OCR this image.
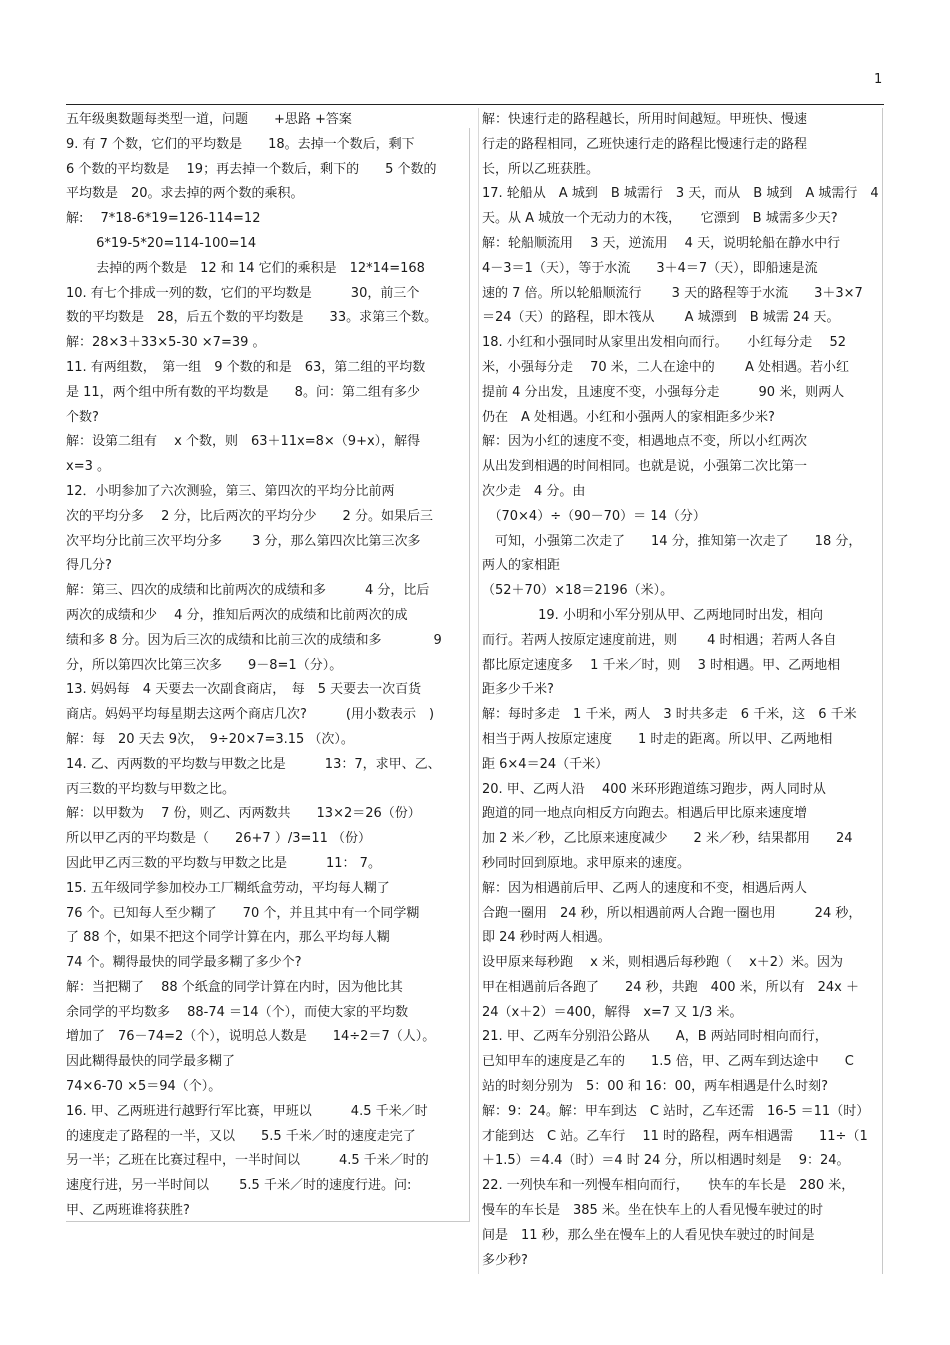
1
五年级奥数题每类型一道，问题　　+思路 +答案
9. 有 7 个数，它们的平均数是　　18。去掉一个数后，剩下
6 个数的平均数是　 19；再去掉一个数后，剩下的　　5 个数的
平均数是　20。求去掉的两个数的乘积。
解:　 7*18-6*19=126-114=12
　　 6*19-5*20=114-100=14
　　 去掉的两个数是　12 和 14 它们的乘积是　12*14=168
10. 有七个排成一列的数，它们的平均数是　　　30，前三个
数的平均数是　28，后五个数的平均数是　　33。求第三个数。
解：28×3＋33×5-30 ×7=39 。
11. 有两组数，　第一组　9 个数的和是　63，第二组的平均数
是 11，两个组中所有数的平均数是　　8。问：第二组有多少
个数?
解：设第二组有　 x 个数，则　63＋11x=8×（9+x），解得
x=3 。
12．小明参加了六次测验，第三、第四次的平均分比前两
次的平均分多　 2 分，比后两次的平均分少　　2 分。如果后三
次平均分比前三次平均分多　　 3 分，那么第四次比第三次多
得几分?
解：第三、四次的成绩和比前两次的成绩和多　　　4 分，比后
两次的成绩和少　 4 分，推知后两次的成绩和比前两次的成
绩和多 8 分。因为后三次的成绩和比前三次的成绩和多　　　　9
分，所以第四次比第三次多　　9－8=1（分）。
13. 妈妈每　4 天要去一次副食商店，　每　5 天要去一次百货
商店。妈妈平均每星期去这两个商店几次?　　　(用小数表示　)
解：每　20 天去 9次，　9÷20×7=3.15 （次）。
14. 乙、丙两数的平均数与甲数之比是　　　13：7，求甲、乙、
丙三数的平均数与甲数之比。
解：以甲数为　 7 份，则乙、丙两数共　　13×2＝26（份）
所以甲乙丙的平均数是（　　26+7 ）/3=11 （份）
因此甲乙丙三数的平均数与甲数之比是　　　11： 7。
15. 五年级同学参加校办工厂糊纸盒劳动，平均每人糊了
76 个。已知每人至少糊了　　70 个，并且其中有一个同学糊
了 88 个，如果不把这个同学计算在内，那么平均每人糊
74 个。糊得最快的同学最多糊了多少个?
解：当把糊了　 88 个纸盒的同学计算在内时，因为他比其
余同学的平均数多　 88-74 ＝14（个），而使大家的平均数
增加了　76－74=2（个），说明总人数是　　14÷2＝7（人）。
因此糊得最快的同学最多糊了
74×6-70 ×5＝94（个）。
16. 甲、乙两班进行越野行军比赛，甲班以　　　4.5 千米／时
的速度走了路程的一半，又以　　5.5 千米／时的速度走完了
另一半；乙班在比赛过程中，一半时间以　　　4.5 千米／时的
速度行进，另一半时间以　　 5.5 千米／时的速度行进。问:
甲、乙两班谁将获胜?
解：快速行走的路程越长，所用时间越短。甲班快、慢速
行走的路程相同，乙班快速行走的路程比慢速行走的路程
长，所以乙班获胜。
17. 轮船从　A 城到　B 城需行　3 天，而从　B 城到　A 城需行　4
天。从 A 城放一个无动力的木筏，　　它漂到　B 城需多少天?
解：轮船顺流用　 3 天，逆流用　 4 天，说明轮船在静水中行
4－3＝1（天），等于水流　　3＋4＝7（天），即船速是流
速的 7 倍。所以轮船顺流行　　 3 天的路程等于水流　　3＋3×7
＝24（天）的路程，即木筏从　　 A 城漂到　B 城需 24 天。
18. 小红和小强同时从家里出发相向而行。　　小红每分走　 52
米，小强每分走　 70 米，二人在途中的　　 A 处相遇。若小红
提前 4 分出发，且速度不变，小强每分走　　　90 米，则两人
仍在　A 处相遇。小红和小强两人的家相距多少米?
解：因为小红的速度不变，相遇地点不变，所以小红两次
从出发到相遇的时间相同。也就是说，小强第二次比第一
次少走　4 分。由
　（70×4）÷（90－70）＝ 14（分）
　可知，小强第二次走了　　14 分，推知第一次走了　　18 分，
两人的家相距
（52＋70）×18＝2196（米）。
　　　　 19. 小明和小军分别从甲、乙两地同时出发，相向
而行。若两人按原定速度前进，则　　 4 时相遇；若两人各自
都比原定速度多　 1 千米／时，则　 3 时相遇。甲、乙两地相
距多少千米?
解：每时多走　1 千米，两人　3 时共多走　6 千米，这　6 千米
相当于两人按原定速度　　1 时走的距离。所以甲、乙两地相
距 6×4＝24（千米）
20. 甲、乙两人沿　 400 米环形跑道练习跑步，两人同时从
跑道的同一地点向相反方向跑去。相遇后甲比原来速度增
加 2 米／秒，乙比原来速度减少　　2 米／秒，结果都用　　24
秒同时回到原地。求甲原来的速度。
解：因为相遇前后甲、乙两人的速度和不变，相遇后两人
合跑一圈用　24 秒，所以相遇前两人合跑一圈也用　　　24 秒，
即 24 秒时两人相遇。
设甲原来每秒跑　 x 米，则相遇后每秒跑（　 x＋2）米。因为
甲在相遇前后各跑了　　24 秒，共跑　400 米，所以有　24x ＋
24（x＋2）＝400，解得　x=7 又 1/3 米。
21. 甲、乙两车分别沿公路从　　A，B 两站同时相向而行，
已知甲车的速度是乙车的　　1.5 倍，甲、乙两车到达途中　　C
站的时刻分别为　5：00 和 16：00，两车相遇是什么时刻?
解：9：24。解：甲车到达　C 站时，乙车还需　16-5 ＝11（时）
才能到达　C 站。乙车行　 11 时的路程，两车相遇需　　11÷（1
＋1.5）＝4.4（时）＝4 时 24 分，所以相遇时刻是　 9：24。
22. 一列快车和一列慢车相向而行，　　快车的车长是　280 米，
慢车的车长是　385 米。坐在快车上的人看见慢车驶过的时
间是　11 秒，那么坐在慢车上的人看见快车驶过的时间是
多少秒?
